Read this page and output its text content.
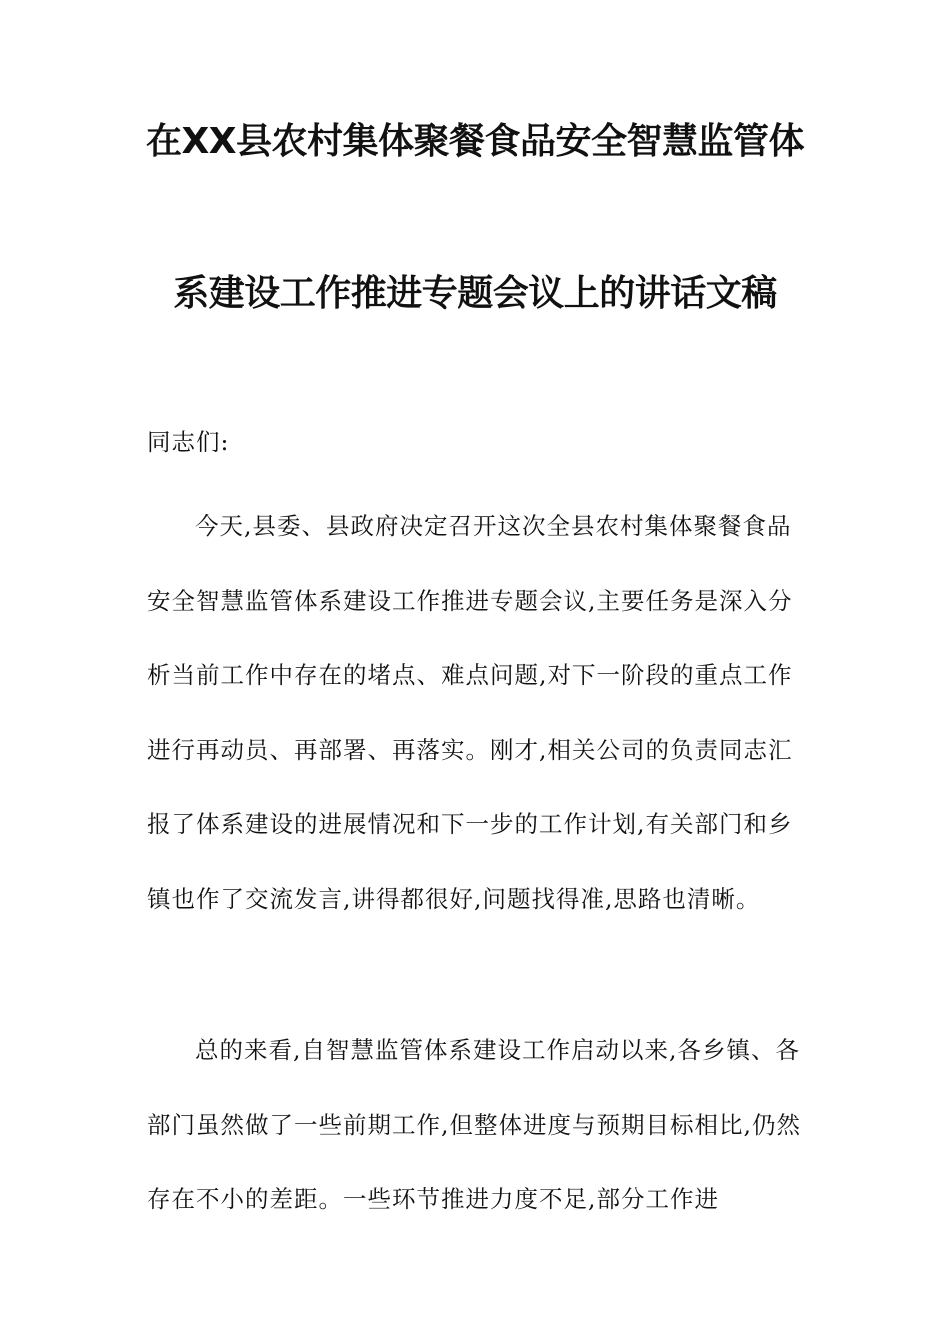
在XX县农村集体聚餐食品安全智慧监管体
系建设工作推进专题会议上的讲话文稿
同志们:
今天,县委、县政府决定召开这次全县农村集体聚餐食品安全智慧监管体系建设工作推进专题会议,主要任务是深入分析当前工作中存在的堵点、难点问题,对下一阶段的重点工作进行再动员、再部署、再落实。刚才,相关公司的负责同志汇报了体系建设的进展情况和下一步的工作计划,有关部门和乡镇也作了交流发言,讲得都很好,问题找得准,思路也清晰。
总的来看,自智慧监管体系建设工作启动以来,各乡镇、各部门虽然做了一些前期工作,但整体进度与预期目标相比,仍然存在不小的差距。一些环节推进力度不足,部分工作进
